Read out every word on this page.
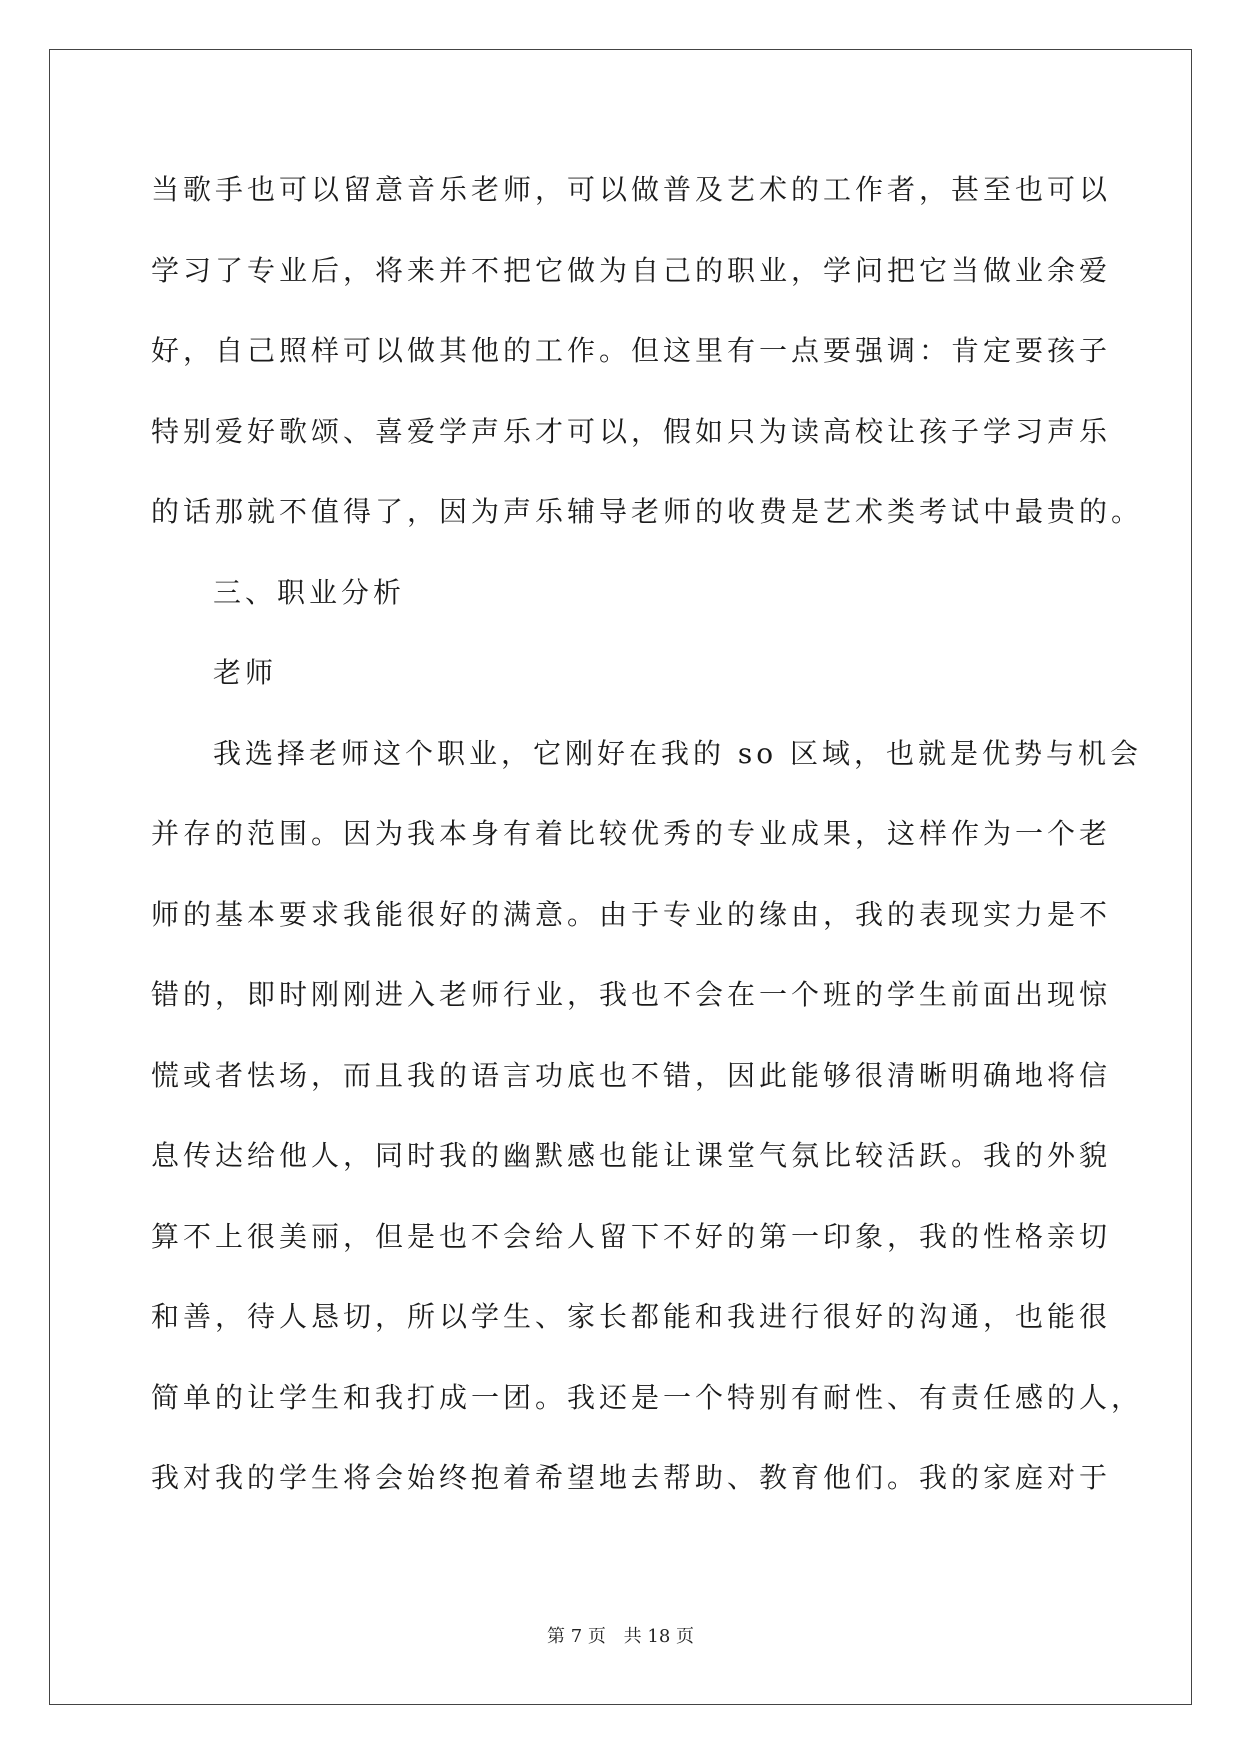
当歌手也可以留意音乐老师，可以做普及艺术的工作者，甚至也可以

学习了专业后，将来并不把它做为自己的职业，学问把它当做业余爱

好，自己照样可以做其他的工作。但这里有一点要强调：肯定要孩子

特别爱好歌颂、喜爱学声乐才可以，假如只为读高校让孩子学习声乐

的话那就不值得了，因为声乐辅导老师的收费是艺术类考试中最贵的。

三、职业分析

老师

我选择老师这个职业，它刚好在我的 so 区域，也就是优势与机会

并存的范围。因为我本身有着比较优秀的专业成果，这样作为一个老

师的基本要求我能很好的满意。由于专业的缘由，我的表现实力是不

错的，即时刚刚进入老师行业，我也不会在一个班的学生前面出现惊

慌或者怯场，而且我的语言功底也不错，因此能够很清晰明确地将信

息传达给他人，同时我的幽默感也能让课堂气氛比较活跃。我的外貌

算不上很美丽，但是也不会给人留下不好的第一印象，我的性格亲切

和善，待人恳切，所以学生、家长都能和我进行很好的沟通，也能很

简单的让学生和我打成一团。我还是一个特别有耐性、有责任感的人，

我对我的学生将会始终抱着希望地去帮助、教育他们。我的家庭对于

第 7 页 共 18 页
